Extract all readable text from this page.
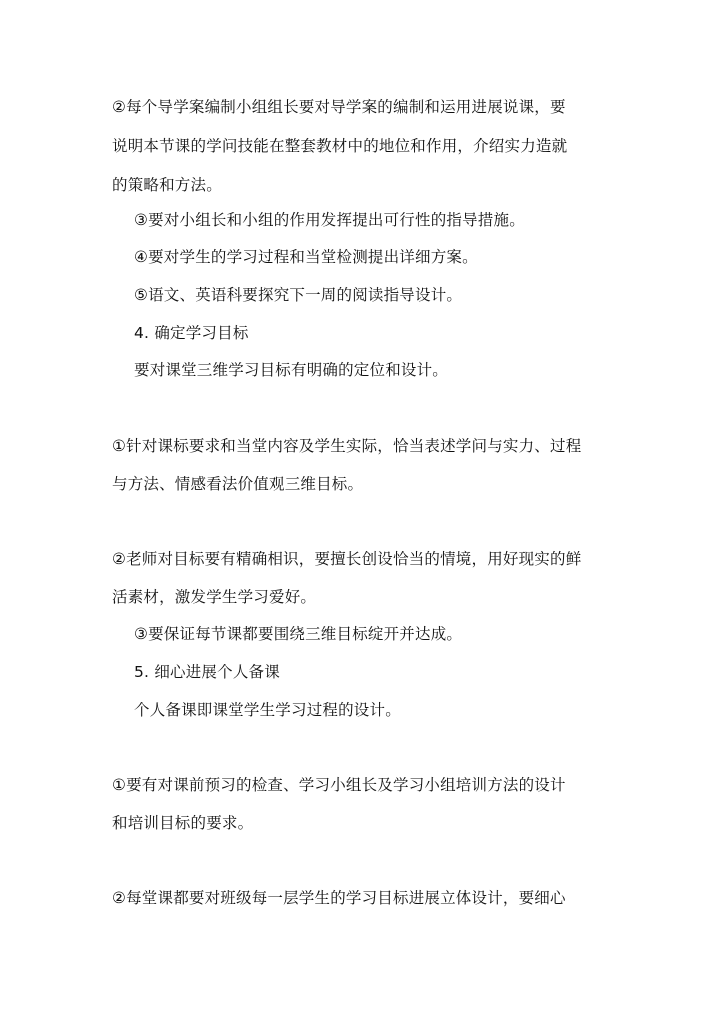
②每个导学案编制小组组长要对导学案的编制和运用进展说课，要
说明本节课的学问技能在整套教材中的地位和作用，介绍实力造就
的策略和方法。
③要对小组长和小组的作用发挥提出可行性的指导措施。
④要对学生的学习过程和当堂检测提出详细方案。
⑤语文、英语科要探究下一周的阅读指导设计。
4. 确定学习目标
要对课堂三维学习目标有明确的定位和设计。
①针对课标要求和当堂内容及学生实际，恰当表述学问与实力、过程
与方法、情感看法价值观三维目标。
②老师对目标要有精确相识，要擅长创设恰当的情境，用好现实的鲜
活素材，激发学生学习爱好。
③要保证每节课都要围绕三维目标绽开并达成。
5. 细心进展个人备课
个人备课即课堂学生学习过程的设计。
①要有对课前预习的检查、学习小组长及学习小组培训方法的设计
和培训目标的要求。
②每堂课都要对班级每一层学生的学习目标进展立体设计，要细心
